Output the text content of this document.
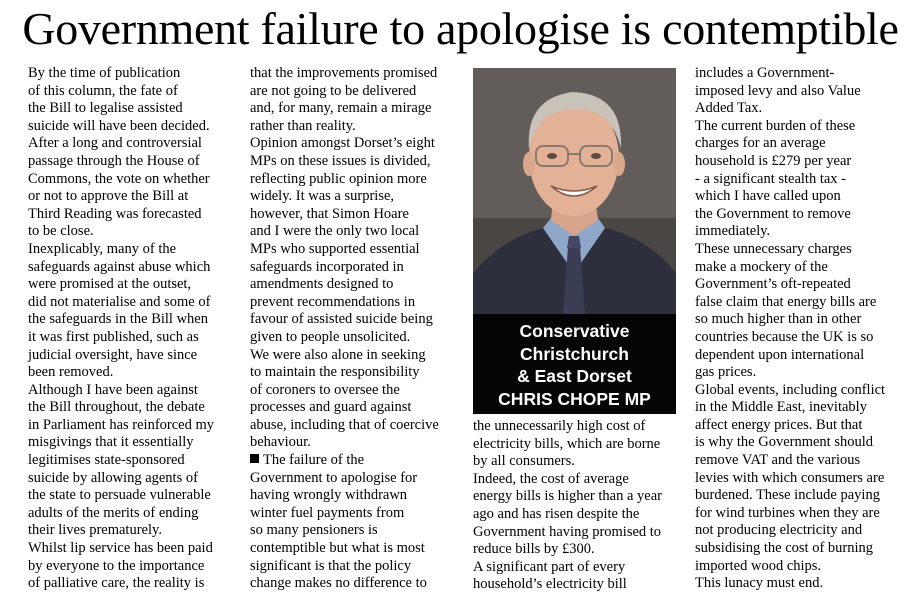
Government failure to apologise is contemptible
By the time of publication
of this column, the fate of
the Bill to legalise assisted
suicide will have been decided.
After a long and controversial
passage through the House of
Commons, the vote on whether
or not to approve the Bill at
Third Reading was forecasted
to be close.
Inexplicably, many of the
safeguards against abuse which
were promised at the outset,
did not materialise and some of
the safeguards in the Bill when
it was first published, such as
judicial oversight, have since
been removed.
Although I have been against
the Bill throughout, the debate
in Parliament has reinforced my
misgivings that it essentially
legitimises state-sponsored
suicide by allowing agents of
the state to persuade vulnerable
adults of the merits of ending
their lives prematurely.
Whilst lip service has been paid
by everyone to the importance
of palliative care, the reality is
that the improvements promised
are not going to be delivered
and, for many, remain a mirage
rather than reality.
Opinion amongst Dorset’s eight
MPs on these issues is divided,
reflecting public opinion more
widely. It was a surprise,
however, that Simon Hoare
and I were the only two local
MPs who supported essential
safeguards incorporated in
amendments designed to
prevent recommendations in
favour of assisted suicide being
given to people unsolicited.
We were also alone in seeking
to maintain the responsibility
of coroners to oversee the
processes and guard against
abuse, including that of coercive
behaviour.
The failure of the
Government to apologise for
having wrongly withdrawn
winter fuel payments from
so many pensioners is
contemptible but what is most
significant is that the policy
change makes no difference to
Conservative
Christchurch
& East Dorset
CHRIS CHOPE MP
the unnecessarily high cost of
electricity bills, which are borne
by all consumers.
Indeed, the cost of average
energy bills is higher than a year
ago and has risen despite the
Government having promised to
reduce bills by £300.
A significant part of every
household’s electricity bill
includes a Government-
imposed levy and also Value
Added Tax.
The current burden of these
charges for an average
household is £279 per year
- a significant stealth tax -
which I have called upon
the Government to remove
immediately.
These unnecessary charges
make a mockery of the
Government’s oft-repeated
false claim that energy bills are
so much higher than in other
countries because the UK is so
dependent upon international
gas prices.
Global events, including conflict
in the Middle East, inevitably
affect energy prices. But that
is why the Government should
remove VAT and the various
levies with which consumers are
burdened. These include paying
for wind turbines when they are
not producing electricity and
subsidising the cost of burning
imported wood chips.
This lunacy must end.
